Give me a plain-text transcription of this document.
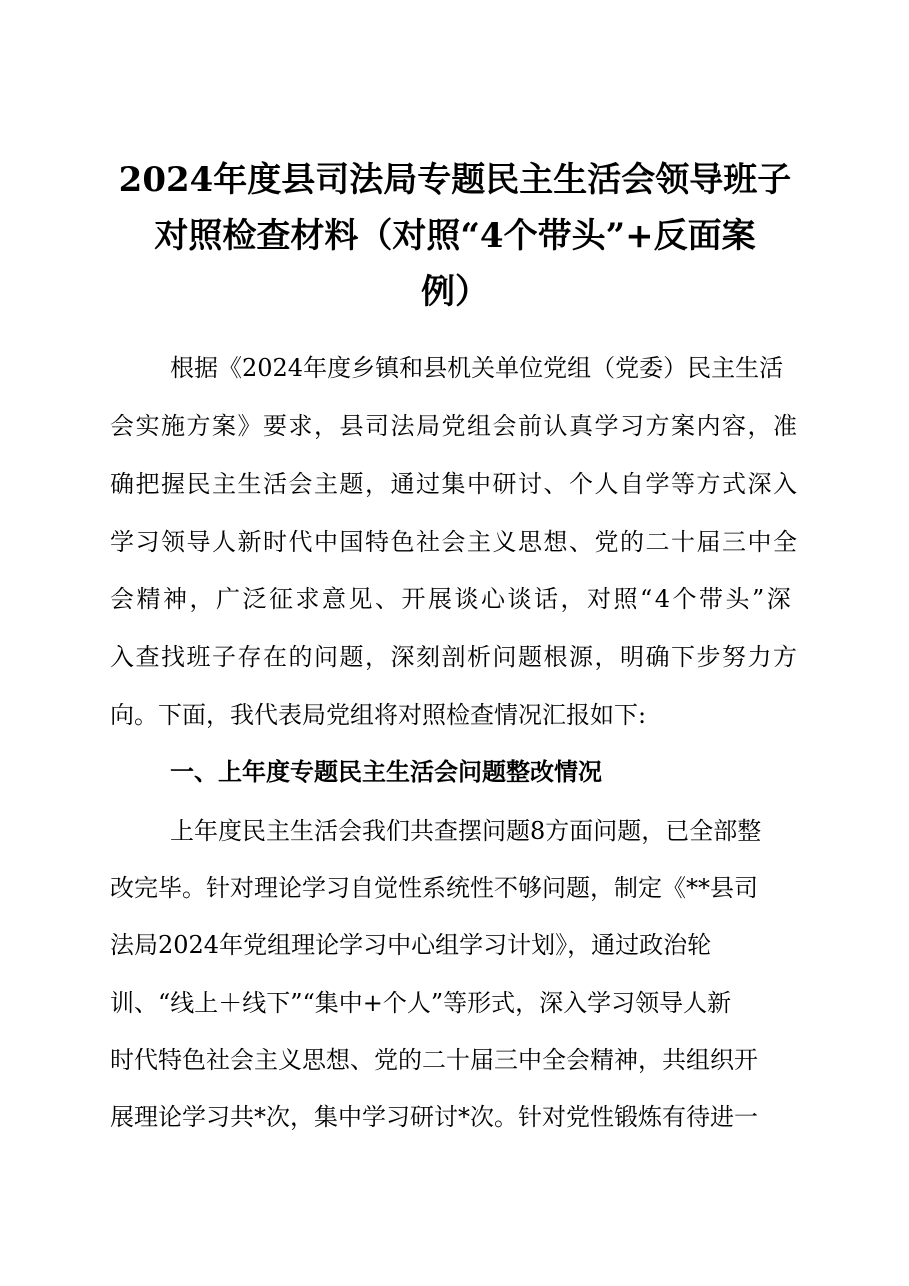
2024年度县司法局专题民主生活会领导班子
对照检查材料（对照“4个带头”+反面案
例）

根据《2024年度乡镇和县机关单位党组（党委）民主生活

会实施方案》要求，县司法局党组会前认真学习方案内容，准

确把握民主生活会主题，通过集中研讨、个人自学等方式深入

学习领导人新时代中国特色社会主义思想、党的二十届三中全

会精神，广泛征求意见、开展谈心谈话，对照“4个带头”深

入查找班子存在的问题，深刻剖析问题根源，明确下步努力方

向。下面，我代表局党组将对照检查情况汇报如下:

一、上年度专题民主生活会问题整改情况

上年度民主生活会我们共查摆问题8方面问题，已全部整

改完毕。针对理论学习自觉性系统性不够问题，制定《**县司

法局2024年党组理论学习中心组学习计划》，通过政治轮

训、“线上＋线下”“集中+个人”等形式，深入学习领导人新

时代特色社会主义思想、党的二十届三中全会精神，共组织开

展理论学习共*次，集中学习研讨*次。针对党性锻炼有待进一
